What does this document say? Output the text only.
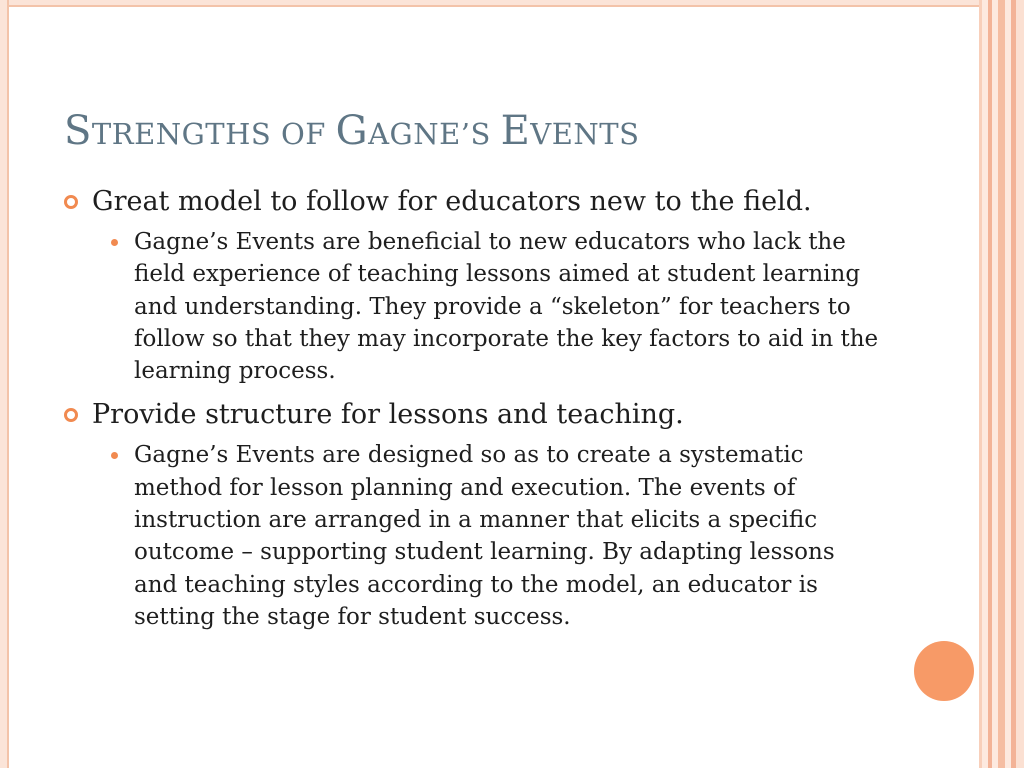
STRENGTHS OF GAGNE’S EVENTS
Great model to follow for educators new to the field.
Gagne’s Events are beneficial to new educators who lack the field experience of teaching lessons aimed at student learning and understanding. They provide a “skeleton” for teachers to follow so that they may incorporate the key factors to aid in the learning process.
Provide structure for lessons and teaching.
Gagne’s Events are designed so as to create a systematic method for lesson planning and execution. The events of instruction are arranged in a manner that elicits a specific outcome – supporting student learning. By adapting lessons and teaching styles according to the model, an educator is setting the stage for student success.
